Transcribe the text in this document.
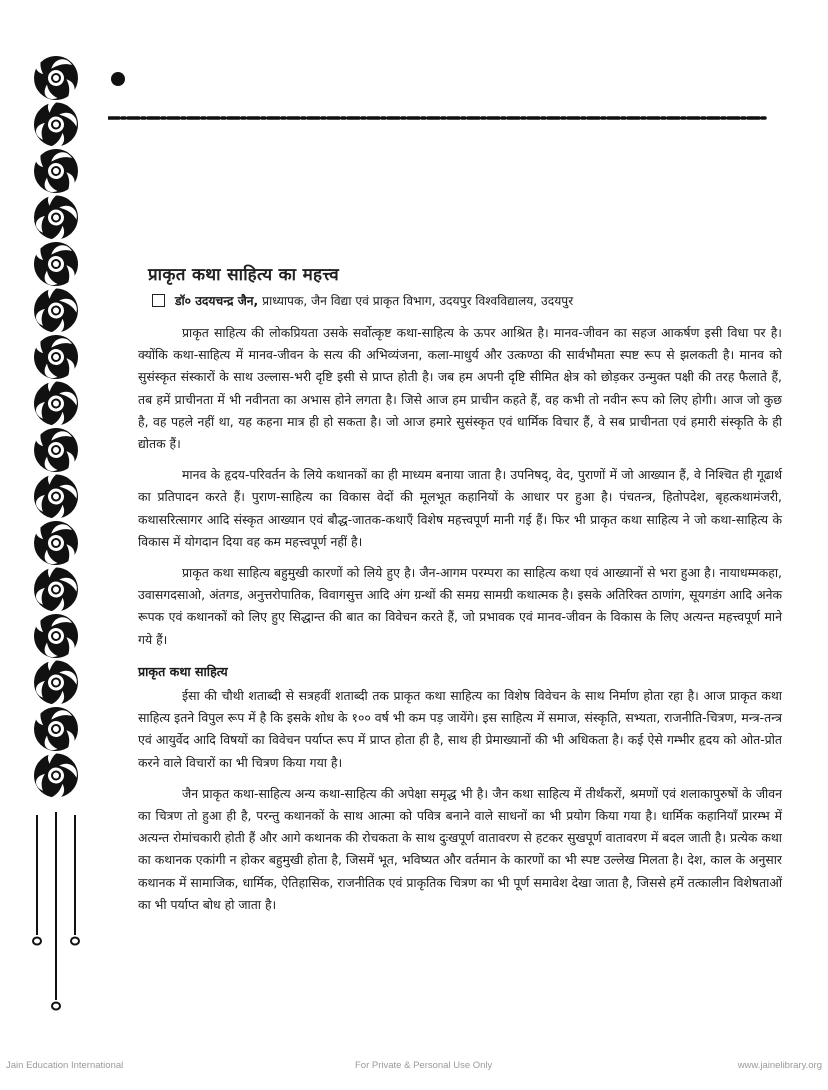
प्राकृत कथा साहित्य का महत्त्व
डॉ० उदयचन्द्र जैन, प्राध्यापक, जैन विद्या एवं प्राकृत विभाग, उदयपुर विश्वविद्यालय, उदयपुर

प्राकृत साहित्य की लोकप्रियता उसके सर्वोत्कृष्ट कथा-साहित्य के ऊपर आश्रित है। मानव-जीवन का सहज आकर्षण इसी विधा पर है। क्योंकि कथा-साहित्य में मानव-जीवन के सत्य की अभिव्यंजना, कला-माधुर्य और उत्कण्ठा की सार्वभौमता स्पष्ट रूप से झलकती है। मानव को सुसंस्कृत संस्कारों के साथ उल्लास-भरी दृष्टि इसी से प्राप्त होती है। जब हम अपनी दृष्टि सीमित क्षेत्र को छोड़कर उन्मुक्त पक्षी की तरह फैलाते हैं, तब हमें प्राचीनता में भी नवीनता का अभास होने लगता है। जिसे आज हम प्राचीन कहते हैं, वह कभी तो नवीन रूप को लिए होगी। आज जो कुछ है, वह पहले नहीं था, यह कहना मात्र ही हो सकता है। जो आज हमारे सुसंस्कृत एवं धार्मिक विचार हैं, वे सब प्राचीनता एवं हमारी संस्कृति के ही द्योतक हैं।

मानव के हृदय-परिवर्तन के लिये कथानकों का ही माध्यम बनाया जाता है। उपनिषद्, वेद, पुराणों में जो आख्यान हैं, वे निश्चित ही गूढार्थ का प्रतिपादन करते हैं। पुराण-साहित्य का विकास वेदों की मूलभूत कहानियों के आधार पर हुआ है। पंचतन्त्र, हितोपदेश, बृहत्कथामंजरी, कथासरित्सागर आदि संस्कृत आख्यान एवं बौद्ध-जातक-कथाएँ विशेष महत्त्वपूर्ण मानी गई हैं। फिर भी प्राकृत कथा साहित्य ने जो कथा-साहित्य के विकास में योगदान दिया वह कम महत्त्वपूर्ण नहीं है।

प्राकृत कथा साहित्य बहुमुखी कारणों को लिये हुए है। जैन-आगम परम्परा का साहित्य कथा एवं आख्यानों से भरा हुआ है। नायाधम्मकहा, उवासगदसाओ, अंतगड, अनुत्तरोपातिक, विवागसुत्त आदि अंग ग्रन्थों की समग्र सामग्री कथात्मक है। इसके अतिरिक्त ठाणांग, सूयगडंग आदि अनेक रूपक एवं कथानकों को लिए हुए सिद्धान्त की बात का विवेचन करते हैं, जो प्रभावक एवं मानव-जीवन के विकास के लिए अत्यन्त महत्त्वपूर्ण माने गये हैं।

प्राकृत कथा साहित्य

ईसा की चौथी शताब्दी से सत्रहवीं शताब्दी तक प्राकृत कथा साहित्य का विशेष विवेचन के साथ निर्माण होता रहा है। आज प्राकृत कथा साहित्य इतने विपुल रूप में है कि इसके शोध के १०० वर्ष भी कम पड़ जायेंगे। इस साहित्य में समाज, संस्कृति, सभ्यता, राजनीति-चित्रण, मन्त्र-तन्त्र एवं आयुर्वेद आदि विषयों का विवेचन पर्याप्त रूप में प्राप्त होता ही है, साथ ही प्रेमाख्यानों की भी अधिकता है। कई ऐसे गम्भीर हृदय को ओत-प्रोत करने वाले विचारों का भी चित्रण किया गया है।

जैन प्राकृत कथा-साहित्य अन्य कथा-साहित्य की अपेक्षा समृद्ध भी है। जैन कथा साहित्य में तीर्थंकरों, श्रमणों एवं शलाकापुरुषों के जीवन का चित्रण तो हुआ ही है, परन्तु कथानकों के साथ आत्मा को पवित्र बनाने वाले साधनों का भी प्रयोग किया गया है। धार्मिक कहानियाँ प्रारम्भ में अत्यन्त रोमांचकारी होती हैं और आगे कथानक की रोचकता के साथ दुःखपूर्ण वातावरण से हटकर सुखपूर्ण वातावरण में बदल जाती है। प्रत्येक कथा का कथानक एकांगी न होकर बहुमुखी होता है, जिसमें भूत, भविष्यत और वर्तमान के कारणों का भी स्पष्ट उल्लेख मिलता है। देश, काल के अनुसार कथानक में सामाजिक, धार्मिक, ऐतिहासिक, राजनीतिक एवं प्राकृतिक चित्रण का भी पूर्ण समावेश देखा जाता है, जिससे हमें तत्कालीन विशेषताओं का भी पर्याप्त बोध हो जाता है।

Jain Education International	For Private & Personal Use Only	www.jainelibrary.org
